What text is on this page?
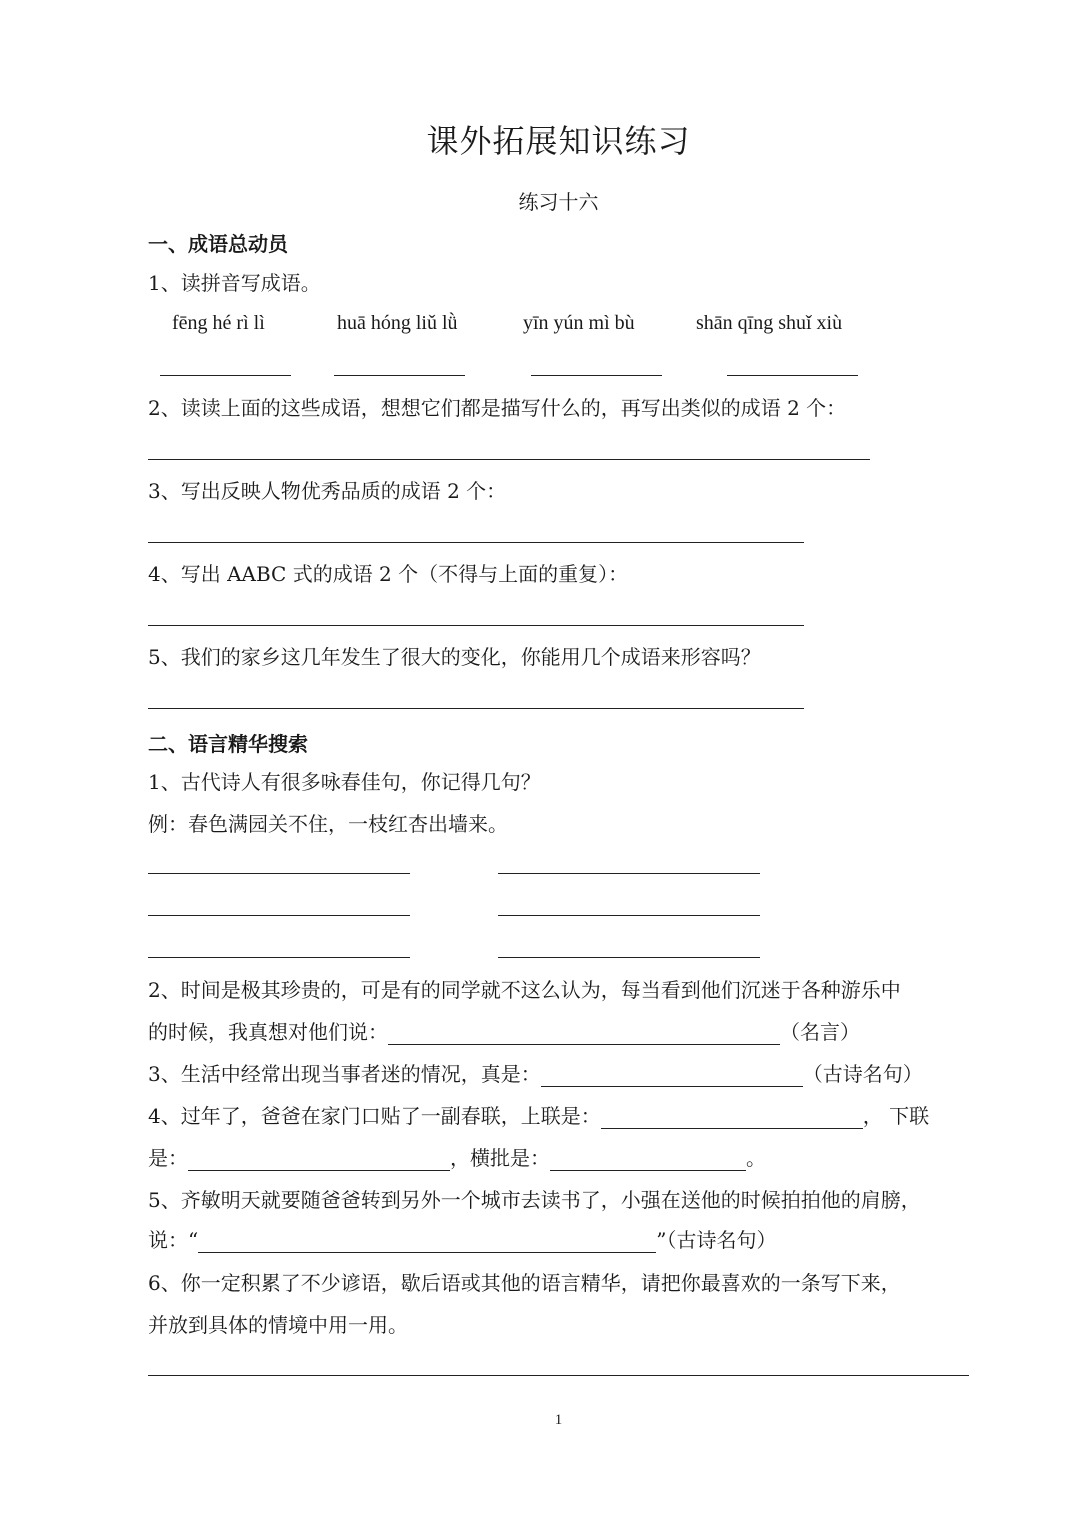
课外拓展知识练习
练习十六
一、成语总动员
1、读拼音写成语。
fēng hé rì lì	huā hóng liǔ lǜ	yīn yún mì bù	shān qīng shuǐ xiù
2、读读上面的这些成语，想想它们都是描写什么的，再写出类似的成语 2 个：
3、写出反映人物优秀品质的成语 2 个：
4、写出 AABC 式的成语 2 个（不得与上面的重复）：
5、我们的家乡这几年发生了很大的变化，你能用几个成语来形容吗？
二、语言精华搜索
1、古代诗人有很多咏春佳句，你记得几句？
例：春色满园关不住，一枝红杏出墙来。
2、时间是极其珍贵的，可是有的同学就不这么认为，每当看到他们沉迷于各种游乐中
的时候，我真想对他们说：	（名言）
3、生活中经常出现当事者迷的情况，真是：	（古诗名句）
4、过年了，爸爸在家门口贴了一副春联，上联是：	， 下联
是：	，横批是：	。
5、齐敏明天就要随爸爸转到另外一个城市去读书了，小强在送他的时候拍拍他的肩膀，
说：“	”（古诗名句）
6、你一定积累了不少谚语，歇后语或其他的语言精华，请把你最喜欢的一条写下来，
并放到具体的情境中用一用。
1
